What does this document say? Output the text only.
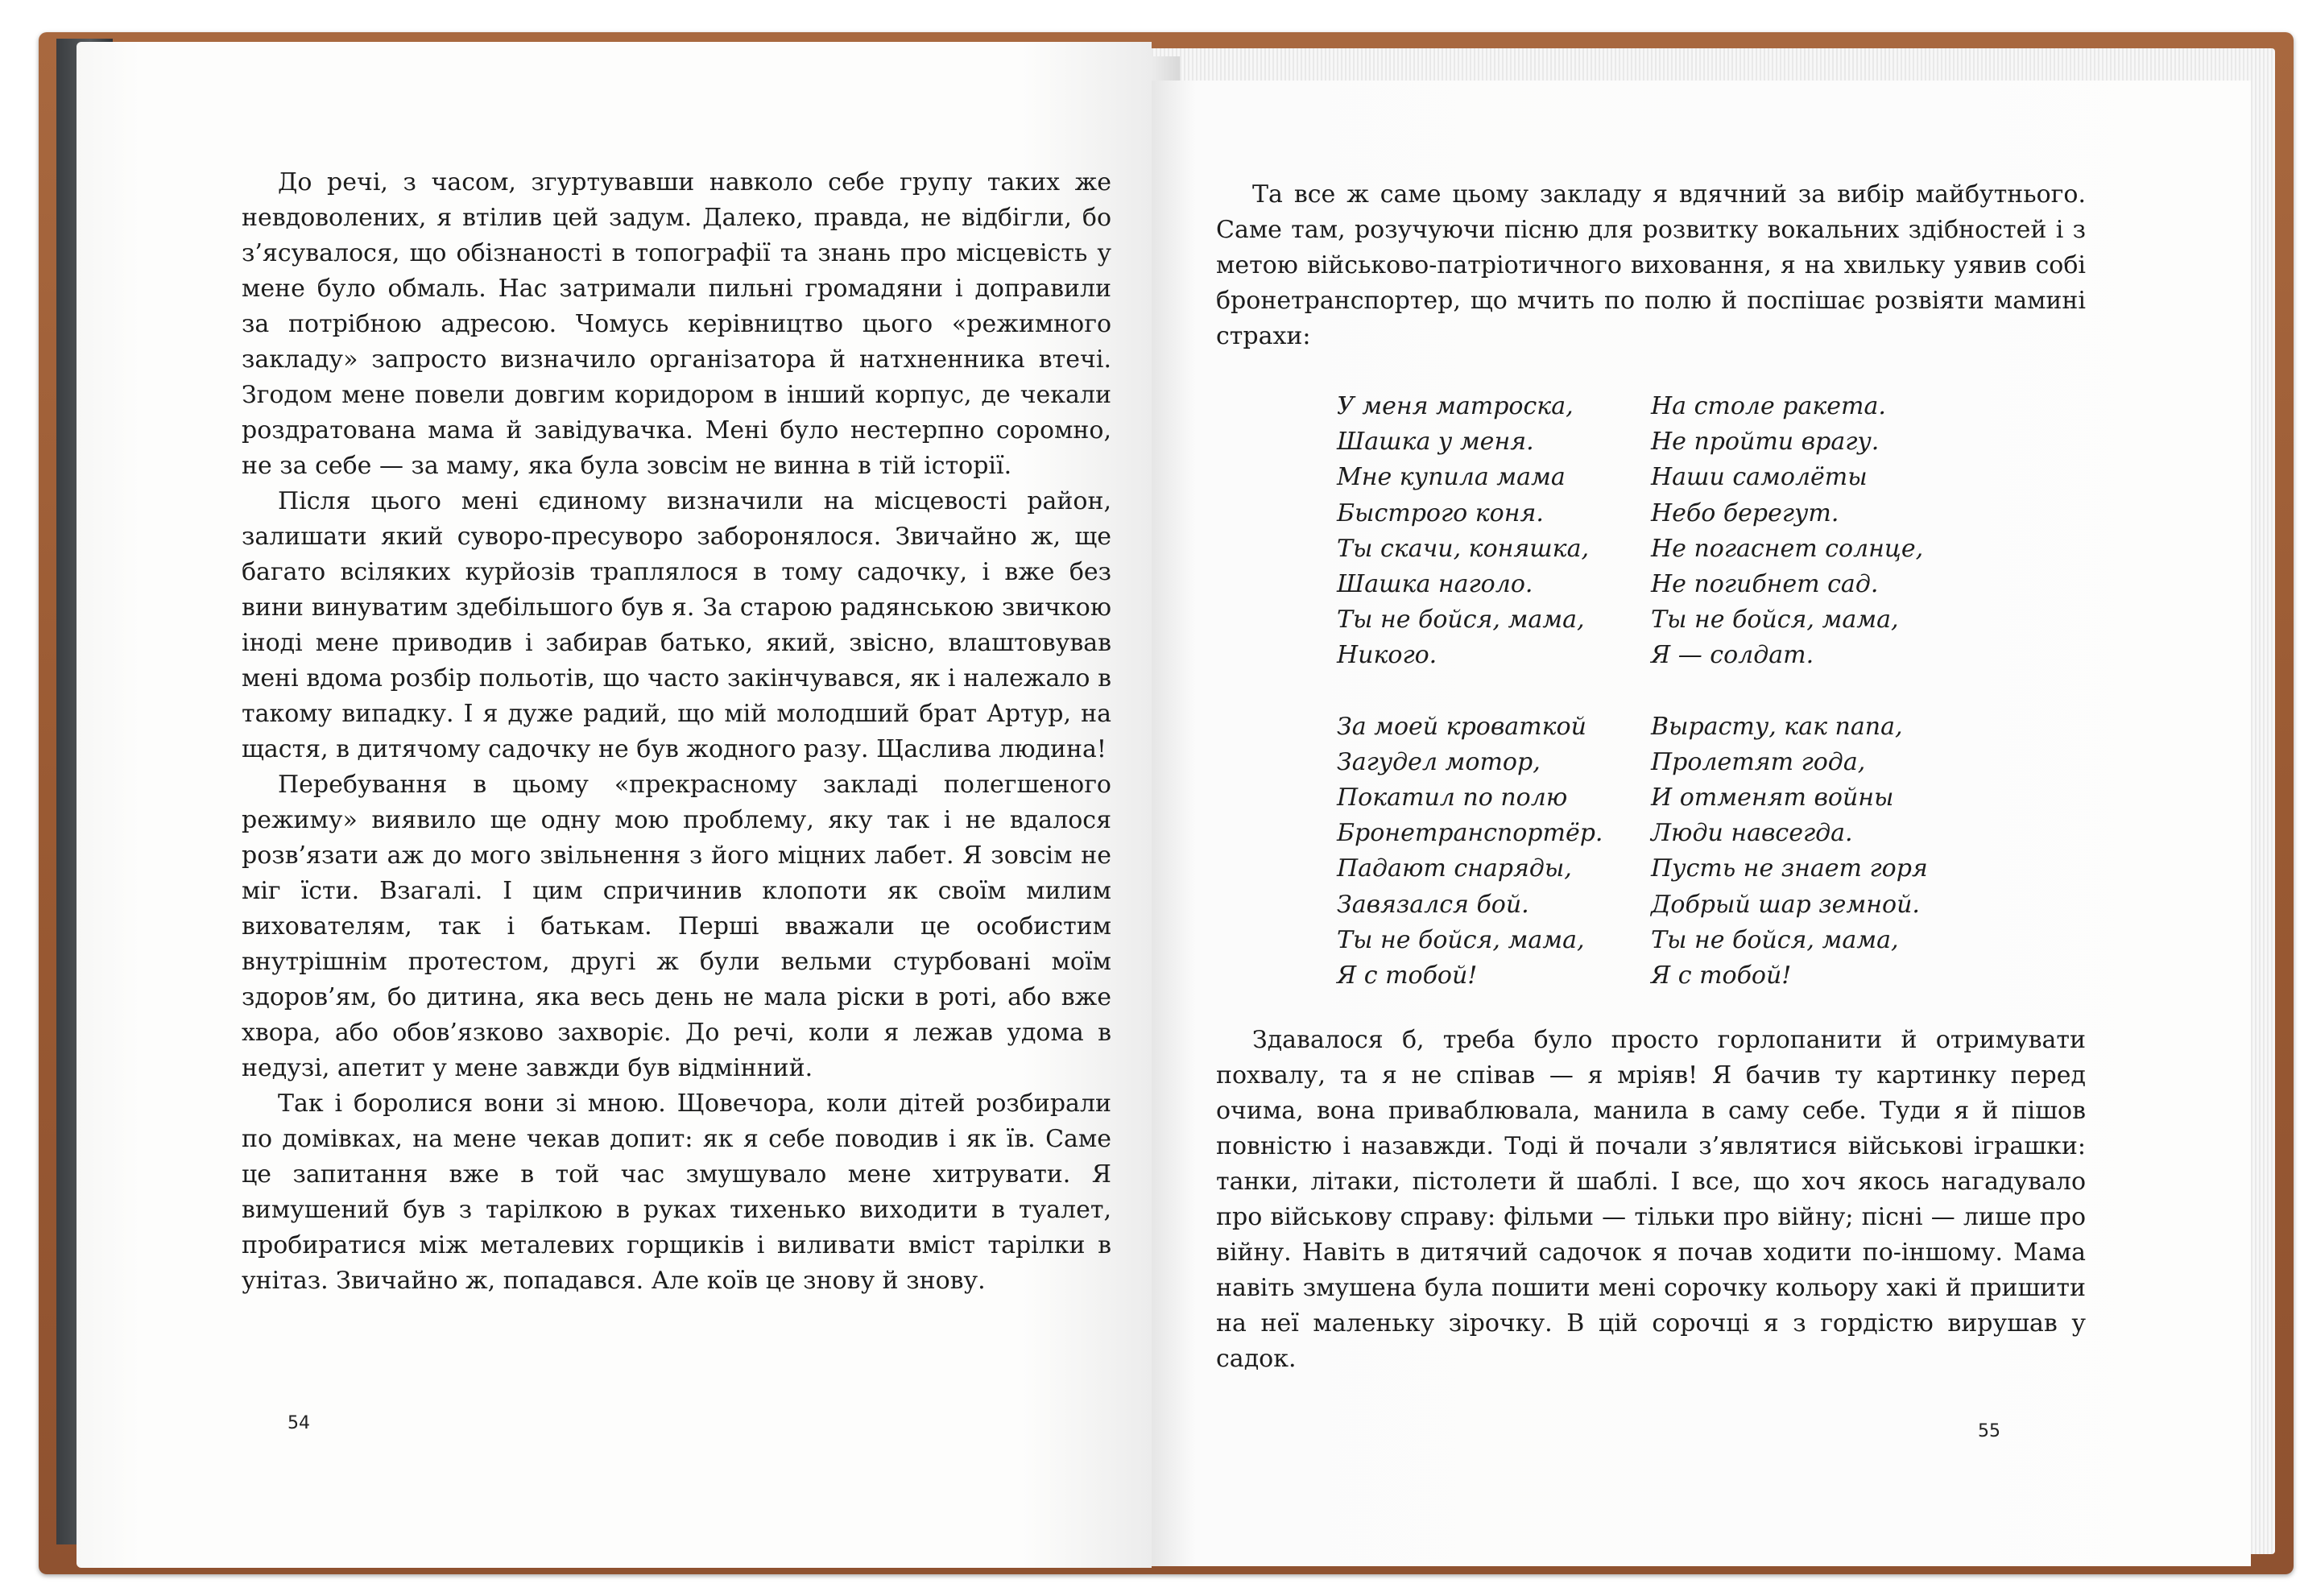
До речі, з часом, згуртувавши навколо себе групу таких же невдоволених, я втілив цей задум. Далеко, правда, не відбігли, бо з’ясувалося, що обізнаності в топографії та знань про місцевість у мене було обмаль. Нас затримали пильні громадяни і доправили за потрібною адресою. Чомусь керівництво цього «режимного закладу» запросто визначило організатора й натхненника втечі. Згодом мене повели довгим коридором в інший корпус, де чекали роздратована мама й завідувачка. Мені було нестерпно соромно, не за себе — за маму, яка була зовсім не винна в тій історії.

Після цього мені єдиному визначили на місцевості район, залишати який суворо-пресуворо заборонялося. Звичайно ж, ще багато всіляких курйозів траплялося в тому садочку, і вже без вини винуватим здебільшого був я. За старою радянською звичкою іноді мене приводив і забирав батько, який, звісно, влаштовував мені вдома розбір польотів, що часто закінчувався, як і належало в такому випадку. І я дуже радий, що мій молодший брат Артур, на щастя, в дитячому садочку не був жодного разу. Щаслива людина!

Перебування в цьому «прекрасному закладі полегшеного режиму» виявило ще одну мою проблему, яку так і не вдалося розв’язати аж до мого звільнення з його міцних лабет. Я зовсім не міг їсти. Взагалі. І цим спричинив клопоти як своїм милим вихователям, так і батькам. Перші вважали це особистим внутрішнім протестом, другі ж були вельми стурбовані моїм здоров’ям, бо дитина, яка весь день не мала ріски в роті, або вже хвора, або обов’язково захворіє. До речі, коли я лежав удома в недузі, апетит у мене завжди був відмінний.

Так і боролися вони зі мною. Щовечора, коли дітей розбирали по домівках, на мене чекав допит: як я себе поводив і як їв. Саме це запитання вже в той час змушувало мене хитрувати. Я вимушений був з тарілкою в руках тихенько виходити в туалет, пробиратися між металевих горщиків і виливати вміст тарілки в унітаз. Звичайно ж, попадався. Але коїв це знову й знову.

54

Та все ж саме цьому закладу я вдячний за вибір майбутнього. Саме там, розучуючи пісню для розвитку вокальних здібностей і з метою військово-патріотичного виховання, я на хвильку уявив собі бронетранспортер, що мчить по полю й поспішає розвіяти мамині страхи:

У меня матроска,
Шашка у меня.
Мне купила мама
Быстрого коня.
Ты скачи, коняшка,
Шашка наголо.
Ты не бойся, мама,
Никого.
За моей кроваткой
Загудел мотор,
Покатил по полю
Бронетранспортёр.
Падают снаряды,
Завязался бой.
Ты не бойся, мама,
Я с тобой!
На столе ракета.
Не пройти врагу.
Наши самолёты
Небо берегут.
Не погаснет солнце,
Не погибнет сад.
Ты не бойся, мама,
Я — солдат.
Вырасту, как папа,
Пролетят года,
И отменят войны
Люди навсегда.
Пусть не знает горя
Добрый шар земной.
Ты не бойся, мама,
Я с тобой!

Здавалося б, треба було просто горлопанити й отримувати похвалу, та я не співав — я мріяв! Я бачив ту картинку перед очима, вона приваблювала, манила в саму себе. Туди я й пішов повністю і назавжди. Тоді й почали з’являтися військові іграшки: танки, літаки, пістолети й шаблі. І все, що хоч якось нагадувало про військову справу: фільми — тільки про війну; пісні — лише про війну. Навіть в дитячий садочок я почав ходити по-іншому. Мама навіть змушена була пошити мені сорочку кольору хакі й пришити на неї маленьку зірочку. В цій сорочці я з гордістю вирушав у садок.

55
